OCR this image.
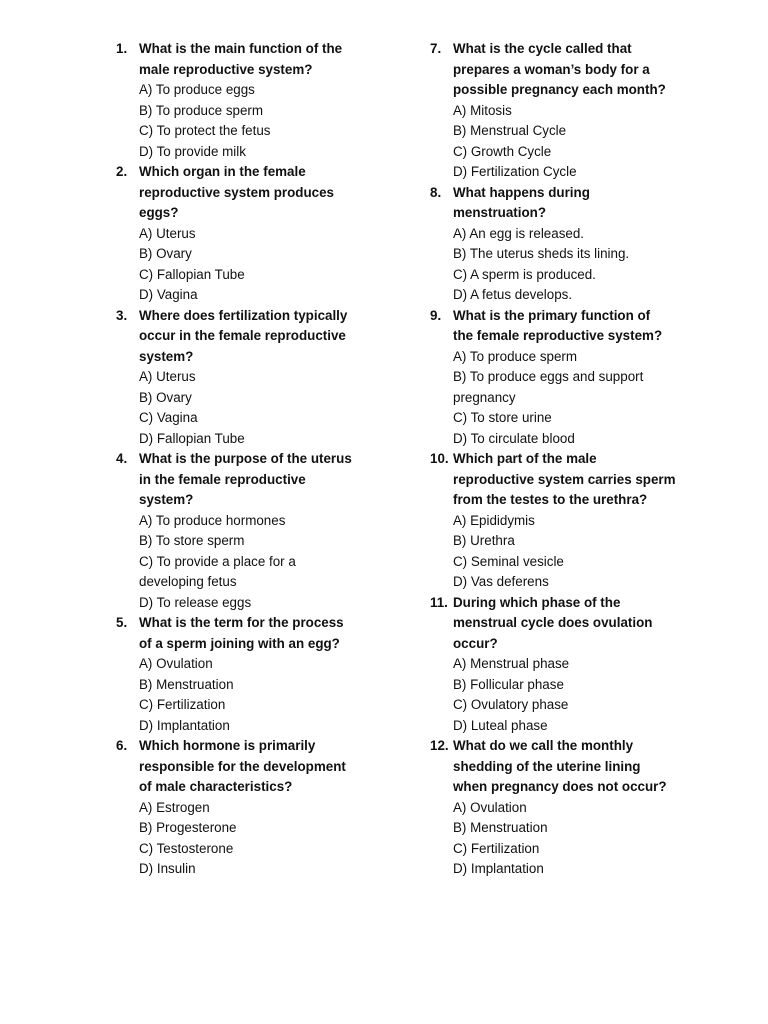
1. What is the main function of the
male reproductive system?
A) To produce eggs
B) To produce sperm
C) To protect the fetus
D) To provide milk
2. Which organ in the female
reproductive system produces
eggs?
A) Uterus
B) Ovary
C) Fallopian Tube
D) Vagina
3. Where does fertilization typically
occur in the female reproductive
system?
A) Uterus
B) Ovary
C) Vagina
D) Fallopian Tube
4. What is the purpose of the uterus
in the female reproductive
system?
A) To produce hormones
B) To store sperm
C) To provide a place for a
developing fetus
D) To release eggs
5. What is the term for the process
of a sperm joining with an egg?
A) Ovulation
B) Menstruation
C) Fertilization
D) Implantation
6. Which hormone is primarily
responsible for the development
of male characteristics?
A) Estrogen
B) Progesterone
C) Testosterone
D) Insulin
7. What is the cycle called that
prepares a woman’s body for a
possible pregnancy each month?
A) Mitosis
B) Menstrual Cycle
C) Growth Cycle
D) Fertilization Cycle
8. What happens during
menstruation?
A) An egg is released.
B) The uterus sheds its lining.
C) A sperm is produced.
D) A fetus develops.
9. What is the primary function of
the female reproductive system?
A) To produce sperm
B) To produce eggs and support
pregnancy
C) To store urine
D) To circulate blood
10. Which part of the male
reproductive system carries sperm
from the testes to the urethra?
A) Epididymis
B) Urethra
C) Seminal vesicle
D) Vas deferens
11. During which phase of the
menstrual cycle does ovulation
occur?
A) Menstrual phase
B) Follicular phase
C) Ovulatory phase
D) Luteal phase
12. What do we call the monthly
shedding of the uterine lining
when pregnancy does not occur?
A) Ovulation
B) Menstruation
C) Fertilization
D) Implantation
